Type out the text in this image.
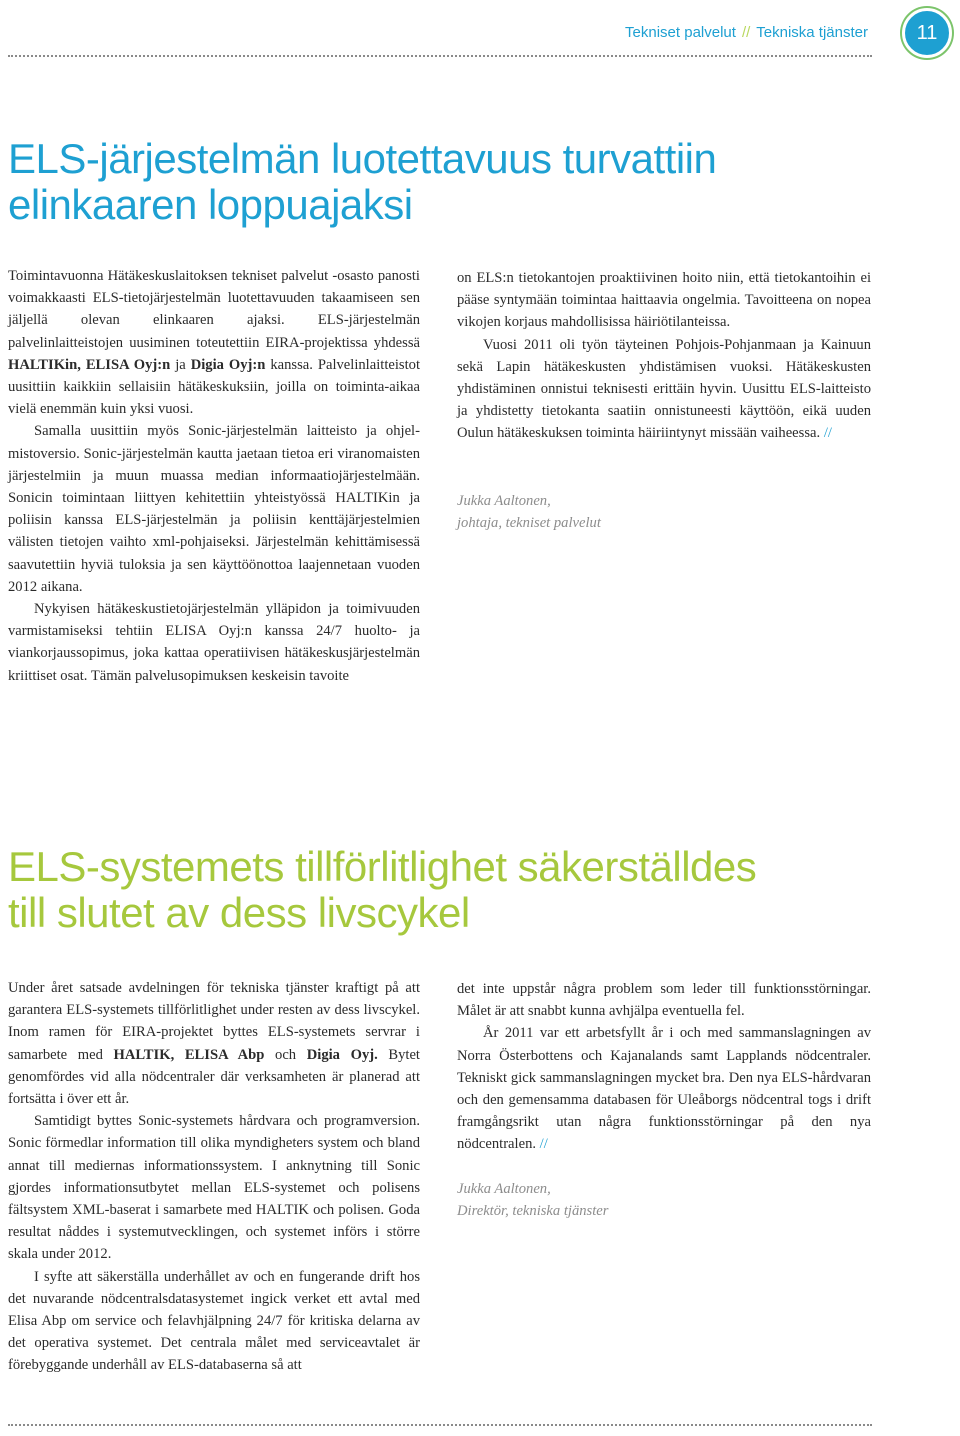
Tekniset palvelut // Tekniska tjänster 11
ELS-järjestelmän luotettavuus turvattiin
elinkaaren loppuajaksi

Toimintavuonna Hätäkeskuslaitoksen tekniset palvelut -osasto panosti voimakkaasti ELS-tietojärjestelmän luotettavuuden takaamiseen sen jäljellä olevan elinkaaren ajaksi. ELS-järjestelmän palvelinlaitteistojen uusiminen toteutettiin EIRA-projektissa yhdessä HALTIKin, ELISA Oyj:n ja Digia Oyj:n kanssa. Palvelinlaitteistot uusittiin kaikkiin sellaisiin hätäkeskuksiin, joilla on toiminta-aikaa vielä enemmän kuin yksi vuosi.

Samalla uusittiin myös Sonic-järjestelmän laitteisto ja ohjelmistoversio. Sonic-järjestelmän kautta jaetaan tietoa eri viranomaisten järjestelmiin ja muun muassa median informaatiojärjestelmään. Sonicin toimintaan liittyen kehitettiin yhteistyössä HALTIKin ja poliisin kanssa ELS-järjestelmän ja poliisin kenttäjärjestelmien välisten tietojen vaihto xml-pohjaiseksi. Järjestelmän kehittämisessä saavutettiin hyviä tuloksia ja sen käyttöönottoa laajennetaan vuoden 2012 aikana.

Nykyisen hätäkeskustietojärjestelmän ylläpidon ja toimivuuden varmistamiseksi tehtiin ELISA Oyj:n kanssa 24/7 huolto- ja viankorjaussopimus, joka kattaa operatiivisen hätäkeskusjärjestelmän kriittiset osat. Tämän palvelusopimuksen keskeisin tavoite

on ELS:n tietokantojen proaktiivinen hoito niin, että tietokantoihin ei pääse syntymään toimintaa haittaavia ongelmia. Tavoitteena on nopea vikojen korjaus mahdollisissa häiriötilanteissa.

Vuosi 2011 oli työn täyteinen Pohjois-Pohjanmaan ja Kainuun sekä Lapin hätäkeskusten yhdistämisen vuoksi. Hätäkeskusten yhdistäminen onnistui teknisesti erittäin hyvin. Uusittu ELS-laitteisto ja yhdistetty tietokanta saatiin onnistuneesti käyttöön, eikä uuden Oulun hätäkeskuksen toiminta häiriintynyt missään vaiheessa. //

Jukka Aaltonen,
johtaja, tekniset palvelut

ELS-systemets tillförlitlighet säkerställdes
till slutet av dess livscykel

Under året satsade avdelningen för tekniska tjänster kraftigt på att garantera ELS-systemets tillförlitlighet under resten av dess livscykel. Inom ramen för EIRA-projektet byttes ELS-systemets servrar i samarbete med HALTIK, ELISA Abp och Digia Oyj. Bytet genomfördes vid alla nödcentraler där verksamheten är planerad att fortsätta i över ett år.

Samtidigt byttes Sonic-systemets hårdvara och programversion. Sonic förmedlar information till olika myndigheters system och bland annat till mediernas informationssystem. I anknytning till Sonic gjordes informationsutbytet mellan ELS-systemet och polisens fältsystem XML-baserat i samarbete med HALTIK och polisen. Goda resultat nåddes i systemutvecklingen, och systemet införs i större skala under 2012.

I syfte att säkerställa underhållet av och en fungerande drift hos det nuvarande nödcentralsdatasystemet ingick verket ett avtal med Elisa Abp om service och felavhjälpning 24/7 för kritiska delarna av det operativa systemet. Det centrala målet med serviceavtalet är förebyggande underhåll av ELS-databaserna så att

det inte uppstår några problem som leder till funktionsstörningar. Målet är att snabbt kunna avhjälpa eventuella fel.

År 2011 var ett arbetsfyllt år i och med sammanslagningen av Norra Österbottens och Kajanalands samt Lapplands nödcentraler. Tekniskt gick sammanslagningen mycket bra. Den nya ELS-hårdvaran och den gemensamma databasen för Uleåborgs nödcentral togs i drift framgångsrikt utan några funktionsstörningar på den nya nödcentralen. //

Jukka Aaltonen,
Direktör, tekniska tjänster
